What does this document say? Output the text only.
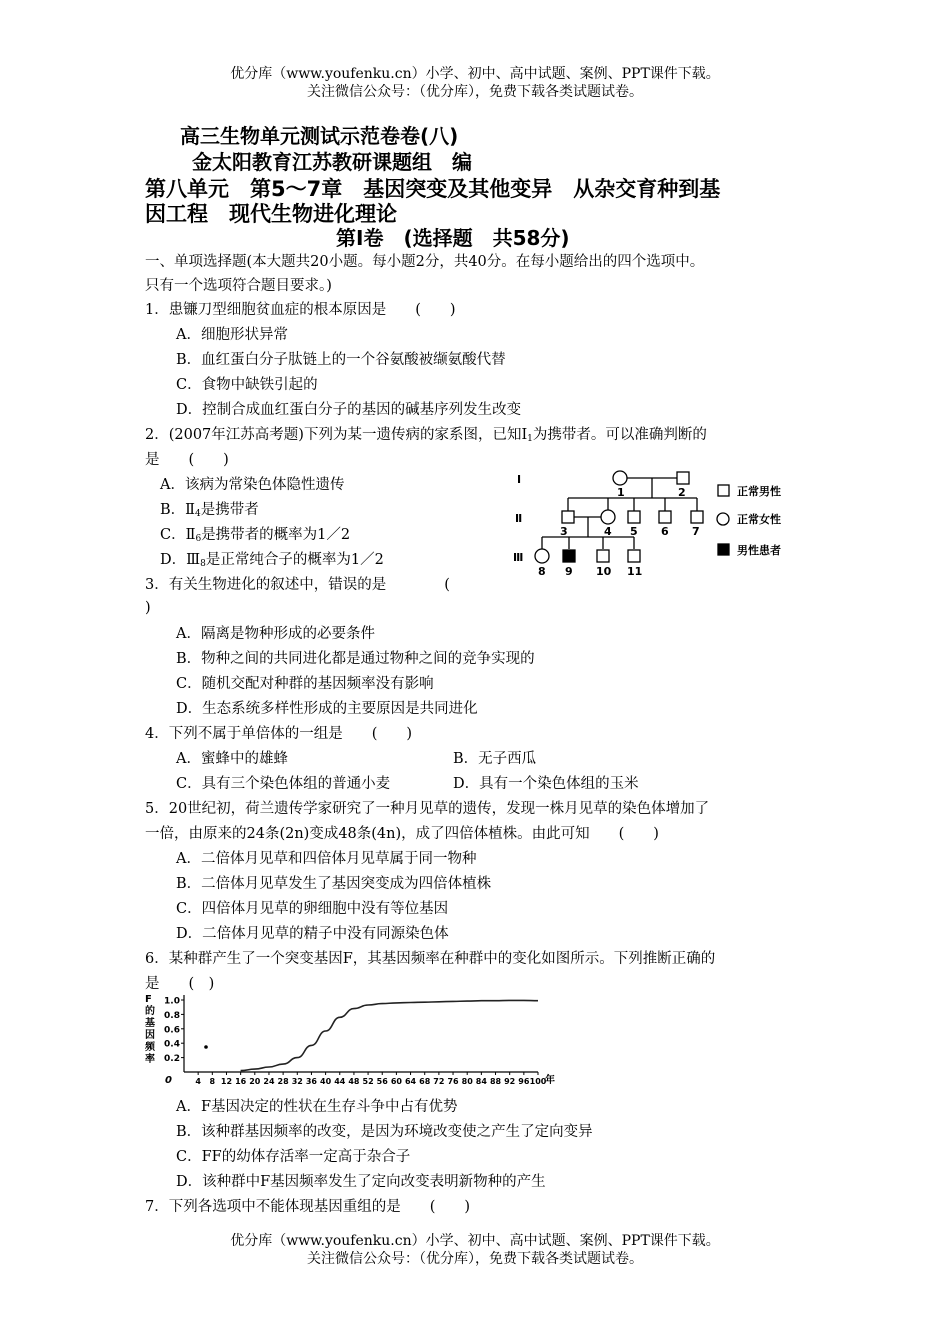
优分库（www.youfenku.cn）小学、初中、高中试题、案例、PPT课件下载。
关注微信公众号：（优分库），免费下载各类试题试卷。
高三生物单元测试示范卷卷(八)
金太阳教育江苏教研课题组　编
第八单元　第5～7章　基因突变及其他变异　从杂交育种到基
因工程　现代生物进化理论
第Ⅰ卷　(选择题　共58分)
一、单项选择题(本大题共20小题。每小题2分，共40分。在每小题给出的四个选项中。
只有一个选项符合题目要求。)
1．患镰刀型细胞贫血症的根本原因是　　(　　)
A．细胞形状异常
B．血红蛋白分子肽链上的一个谷氨酸被缬氨酸代替
C．食物中缺铁引起的
D．控制合成血红蛋白分子的基因的碱基序列发生改变
2．(2007年江苏高考题)下列为某一遗传病的家系图，已知$Ⅰ_1$为携带者。可以准确判断的
是　　(　　)
A．该病为常染色体隐性遗传
B．$Ⅱ_4$是携带者
C．$Ⅱ_6$是携带者的概率为1／2
D．$Ⅲ_8$是正常纯合子的概率为1／2
Ⅰ
Ⅱ
Ⅲ
1	2
3	4 5 6 7
8 9 10 11
正常男性
正常女性
男性患者
3．有关生物进化的叙述中，错误的是　　　　(
)
A．隔离是物种形成的必要条件
B．物种之间的共同进化都是通过物种之间的竞争实现的
C．随机交配对种群的基因频率没有影响
D．生态系统多样性形成的主要原因是共同进化
4．下列不属于单倍体的一组是　　(　　)
A．蜜蜂中的雄蜂	B．无子西瓜
C．具有三个染色体组的普通小麦	D．具有一个染色体组的玉米
5．20世纪初，荷兰遗传学家研究了一种月见草的遗传，发现一株月见草的染色体增加了
一倍，由原来的24条(2n)变成48条(4n)，成了四倍体植株。由此可知　　(　　)
A．二倍体月见草和四倍体月见草属于同一物种
B．二倍体月见草发生了基因突变成为四倍体植株
C．四倍体月见草的卵细胞中没有等位基因
D．二倍体月见草的精子中没有同源染色体
6．某种群产生了一个突变基因F，其基因频率在种群中的变化如图所示。下列推断正确的
是　　(　)
F
的
基
因
频
率
0	年
0.2
0.4
0.6
0.8
1.0
4 8 12 16 20 24 28 32 36 40 44 48 52 56 60 64 68 72 76 80 84 88 92 96 100
A．F基因决定的性状在生存斗争中占有优势
B．该种群基因频率的改变，是因为环境改变使之产生了定向变异
C．FF的幼体存活率一定高于杂合子
D．该种群中F基因频率发生了定向改变表明新物种的产生
7．下列各选项中不能体现基因重组的是　　(　　)
优分库（www.youfenku.cn）小学、初中、高中试题、案例、PPT课件下载。
关注微信公众号：（优分库），免费下载各类试题试卷。
